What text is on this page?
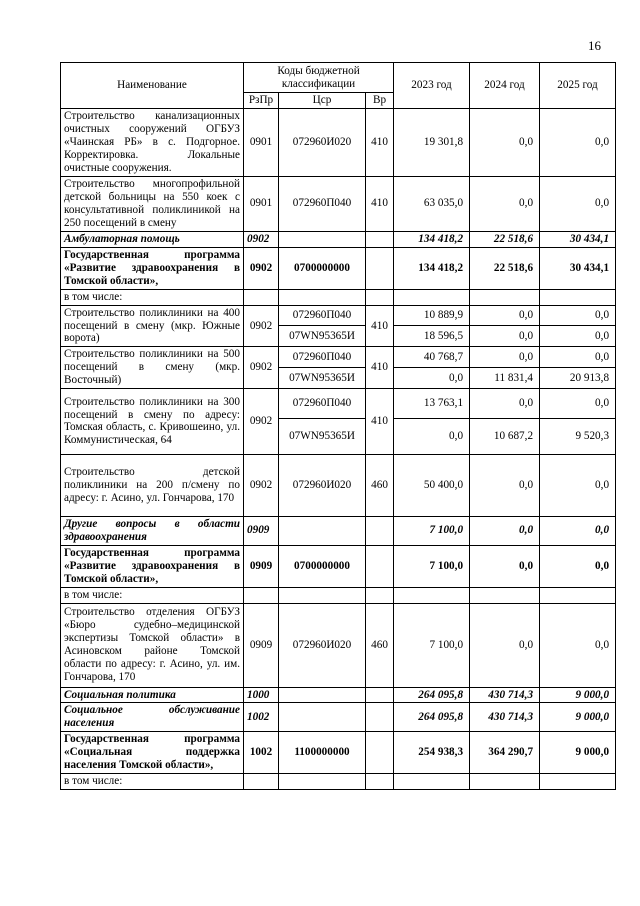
16
Наименование	Коды бюджетной классификации			2023 год	2024 год	2025 год
	РзПр	Цср	Вр			
Строительство канализационных очистных сооружений ОГБУЗ «Чаинская РБ» в с. Подгорное. Корректировка. Локальные очистные сооружения.	0901	072960И020	410	19 301,8	0,0	0,0
Строительство многопрофильной детской больницы на 550 коек с консультативной поликлиникой на 250 посещений в смену	0901	072960П040	410	63 035,0	0,0	0,0
Амбулаторная помощь	0902			134 418,2	22 518,6	30 434,1
Государственная программа «Развитие здравоохранения в Томской области»,	0902	0700000000		134 418,2	22 518,6	30 434,1
в том числе:						
Строительство поликлиники на 400 посещений в смену (мкр. Южные ворота)	0902	072960П040	410	10 889,9	0,0	0,0
		07WN95365И		18 596,5	0,0	0,0
Строительство поликлиники на 500 посещений в смену (мкр. Восточный)	0902	072960П040	410	40 768,7	0,0	0,0
		07WN95365И		0,0	11 831,4	20 913,8
Строительство поликлиники на 300 посещений в смену по адресу: Томская область, с. Кривошеино, ул. Коммунистическая, 64	0902	072960П040	410	13 763,1	0,0	0,0
		07WN95365И		0,0	10 687,2	9 520,3
Строительство детской поликлиники на 200 п/смену по адресу: г. Асино, ул. Гончарова, 170	0902	072960И020	460	50 400,0	0,0	0,0
Другие вопросы в области здравоохранения	0909			7 100,0	0,0	0,0
Государственная программа «Развитие здравоохранения в Томской области»,	0909	0700000000		7 100,0	0,0	0,0
в том числе:						
Строительство отделения ОГБУЗ «Бюро судебно–медицинской экспертизы Томской области» в Асиновском районе Томской области по адресу: г. Асино, ул. им. Гончарова, 170	0909	072960И020	460	7 100,0	0,0	0,0
Социальная политика	1000			264 095,8	430 714,3	9 000,0
Социальное обслуживание населения	1002			264 095,8	430 714,3	9 000,0
Государственная программа «Социальная поддержка населения Томской области»,	1002	1100000000		254 938,3	364 290,7	9 000,0
в том числе:						
